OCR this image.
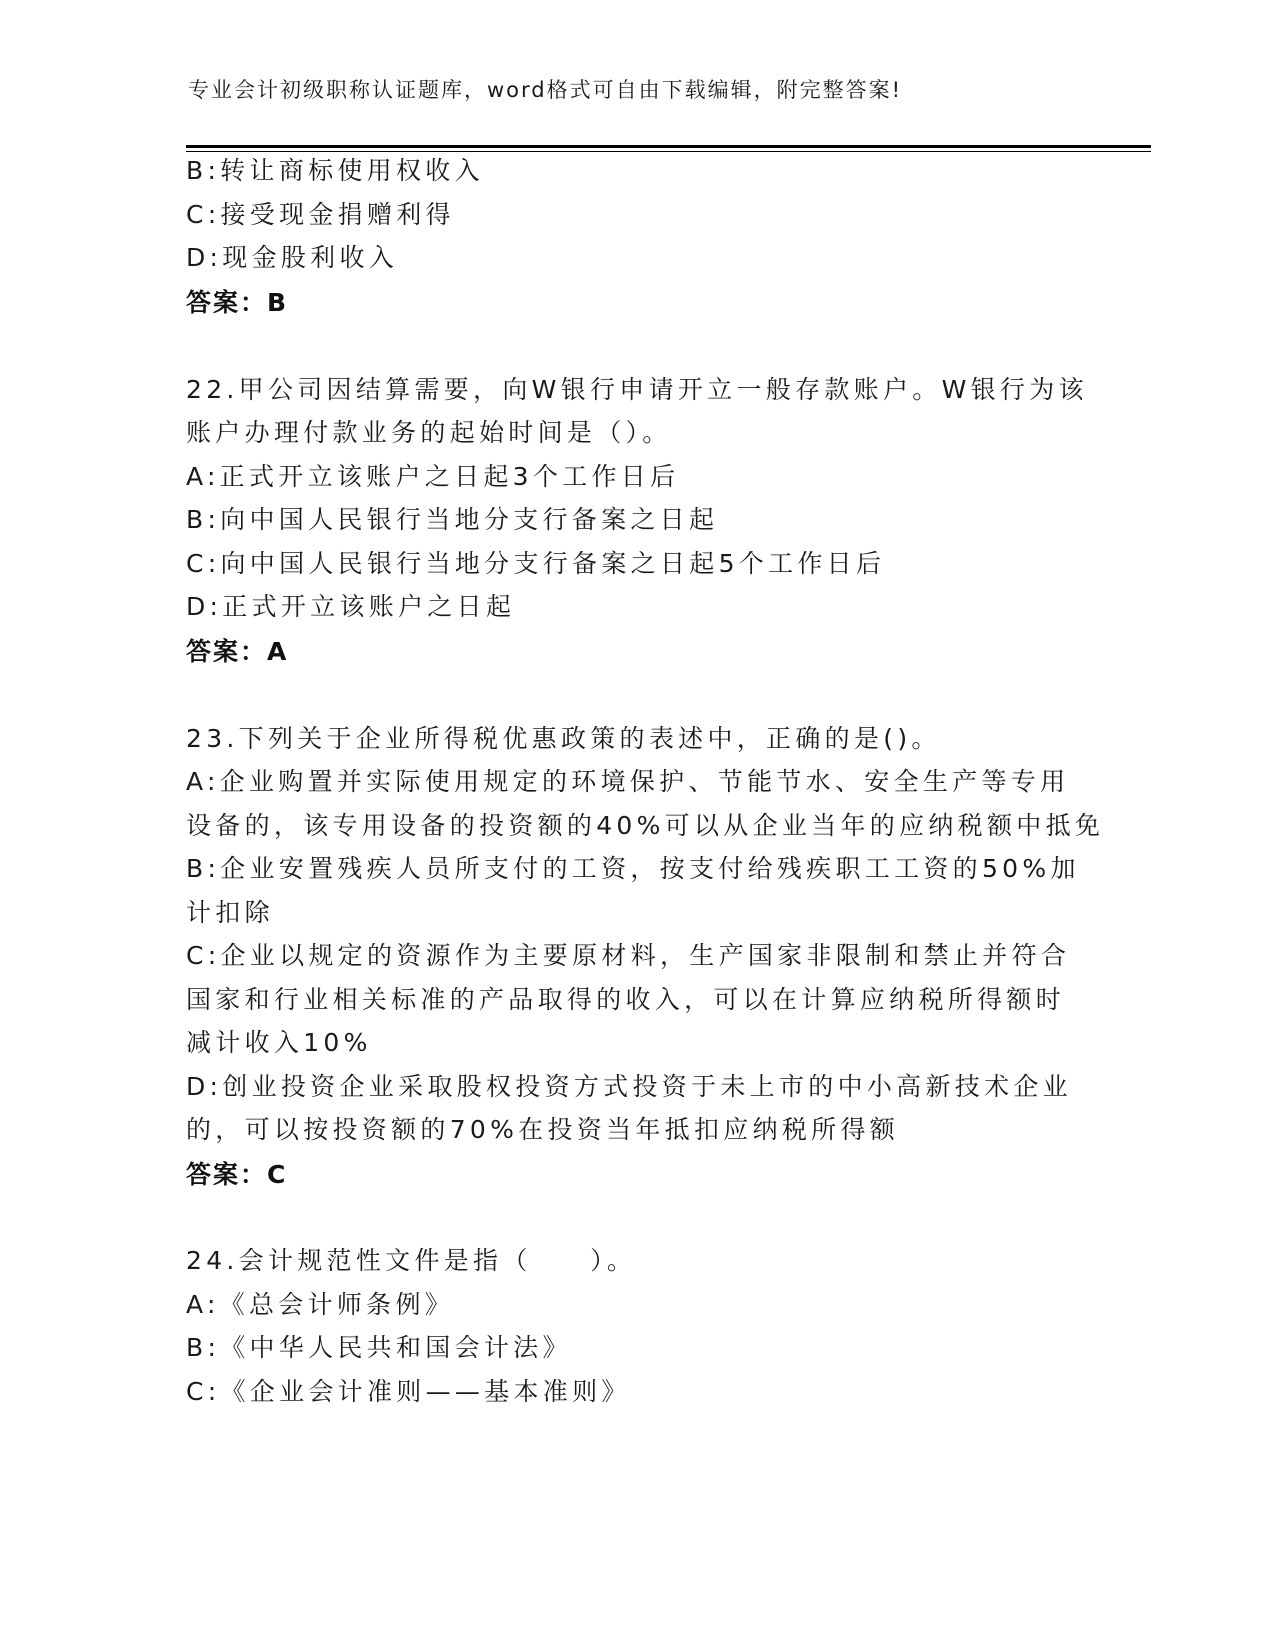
专业会计初级职称认证题库，word格式可自由下载编辑，附完整答案!
B:转让商标使用权收入
C:接受现金捐赠利得
D:现金股利收入
答案：B
22.甲公司因结算需要，向W银行申请开立一般存款账户。W银行为该
账户办理付款业务的起始时间是（）。
A:正式开立该账户之日起3个工作日后
B:向中国人民银行当地分支行备案之日起
C:向中国人民银行当地分支行备案之日起5个工作日后
D:正式开立该账户之日起
答案：A
23.下列关于企业所得税优惠政策的表述中，正确的是()。
A:企业购置并实际使用规定的环境保护、节能节水、安全生产等专用
设备的，该专用设备的投资额的40%可以从企业当年的应纳税额中抵免
B:企业安置残疾人员所支付的工资，按支付给残疾职工工资的50%加
计扣除
C:企业以规定的资源作为主要原材料，生产国家非限制和禁止并符合
国家和行业相关标准的产品取得的收入，可以在计算应纳税所得额时
减计收入10%
D:创业投资企业采取股权投资方式投资于未上市的中小高新技术企业
的，可以按投资额的70%在投资当年抵扣应纳税所得额
答案：C
24.会计规范性文件是指（　　）。
A:《总会计师条例》
B:《中华人民共和国会计法》
C:《企业会计准则——基本准则》
